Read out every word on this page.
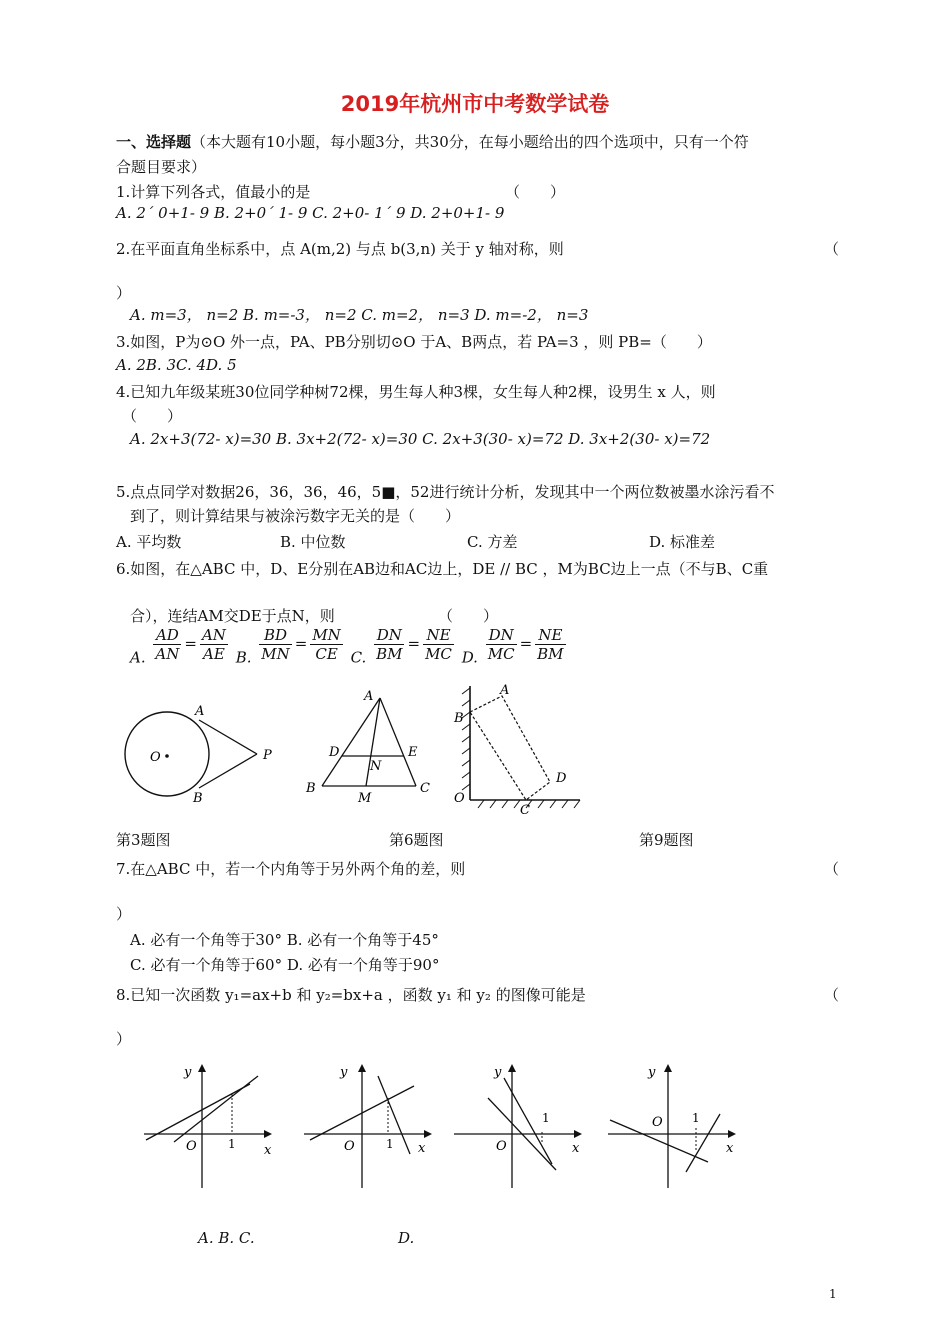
2019年杭州市中考数学试卷
一、选择题（本大题有10小题，每小题3分，共30分，在每小题给出的四个选项中，只有一个符
合题目要求）
1.计算下列各式，值最小的是	（　　）
A. 2´ 0+1- 9 B. 2+0´ 1- 9 C. 2+0- 1´ 9 D. 2+0+1- 9
2.在平面直角坐标系中，点 A(m,2) 与点 b(3,n) 关于 y 轴对称，则	（
）
A. m=3， n=2 B. m=-3， n=2 C. m=2， n=3 D. m=-2， n=3
3.如图，P为⊙O 外一点，PA、PB分别切⊙O 于A、B两点，若 PA=3 ，则 PB=（　　）
A. 2B. 3C. 4D. 5
4.已知九年级某班30位同学种树72棵，男生每人种3棵，女生每人种2棵，设男生 x 人，则
（　　）
A. 2x+3(72- x)=30 B. 3x+2(72- x)=30 C. 2x+3(30- x)=72 D. 3x+2(30- x)=72
5.点点同学对数据26，36，36，46，5■，52进行统计分析，发现其中一个两位数被墨水涂污看不
到了，则计算结果与被涂污数字无关的是（　　）
A. 平均数	B. 中位数	C. 方差	D. 标准差
6.如图，在△ABC 中，D、E分别在AB边和AC边上，DE // BC ，M为BC边上一点（不与B、C重
合），连结AM交DE于点N，则	（　　）
A. $\frac{AD}{AN} = \frac{AN}{AE} B$. $\frac{BD}{MN} = \frac{MN}{CE} C$. $\frac{DN}{BM} = \frac{NE}{MC} D$. $\frac{DN}{MC} = \frac{NE}{BM}$
A
B
O	P
A
B	C
D	E
N
M
A
B
C
D
O
第3题图	第6题图	第9题图
7.在△ABC 中，若一个内角等于另外两个角的差，则	（
）
A. 必有一个角等于30° B. 必有一个角等于45°
C. 必有一个角等于60° D. 必有一个角等于90°
8.已知一次函数 y₁=ax+b 和 y₂=bx+a ，函数 y₁ 和 y₂ 的图像可能是	（
）
y
x
O	1
y
x
O	1
y
x
O
1
y
x
O 1
A. B. C.	D.
1
